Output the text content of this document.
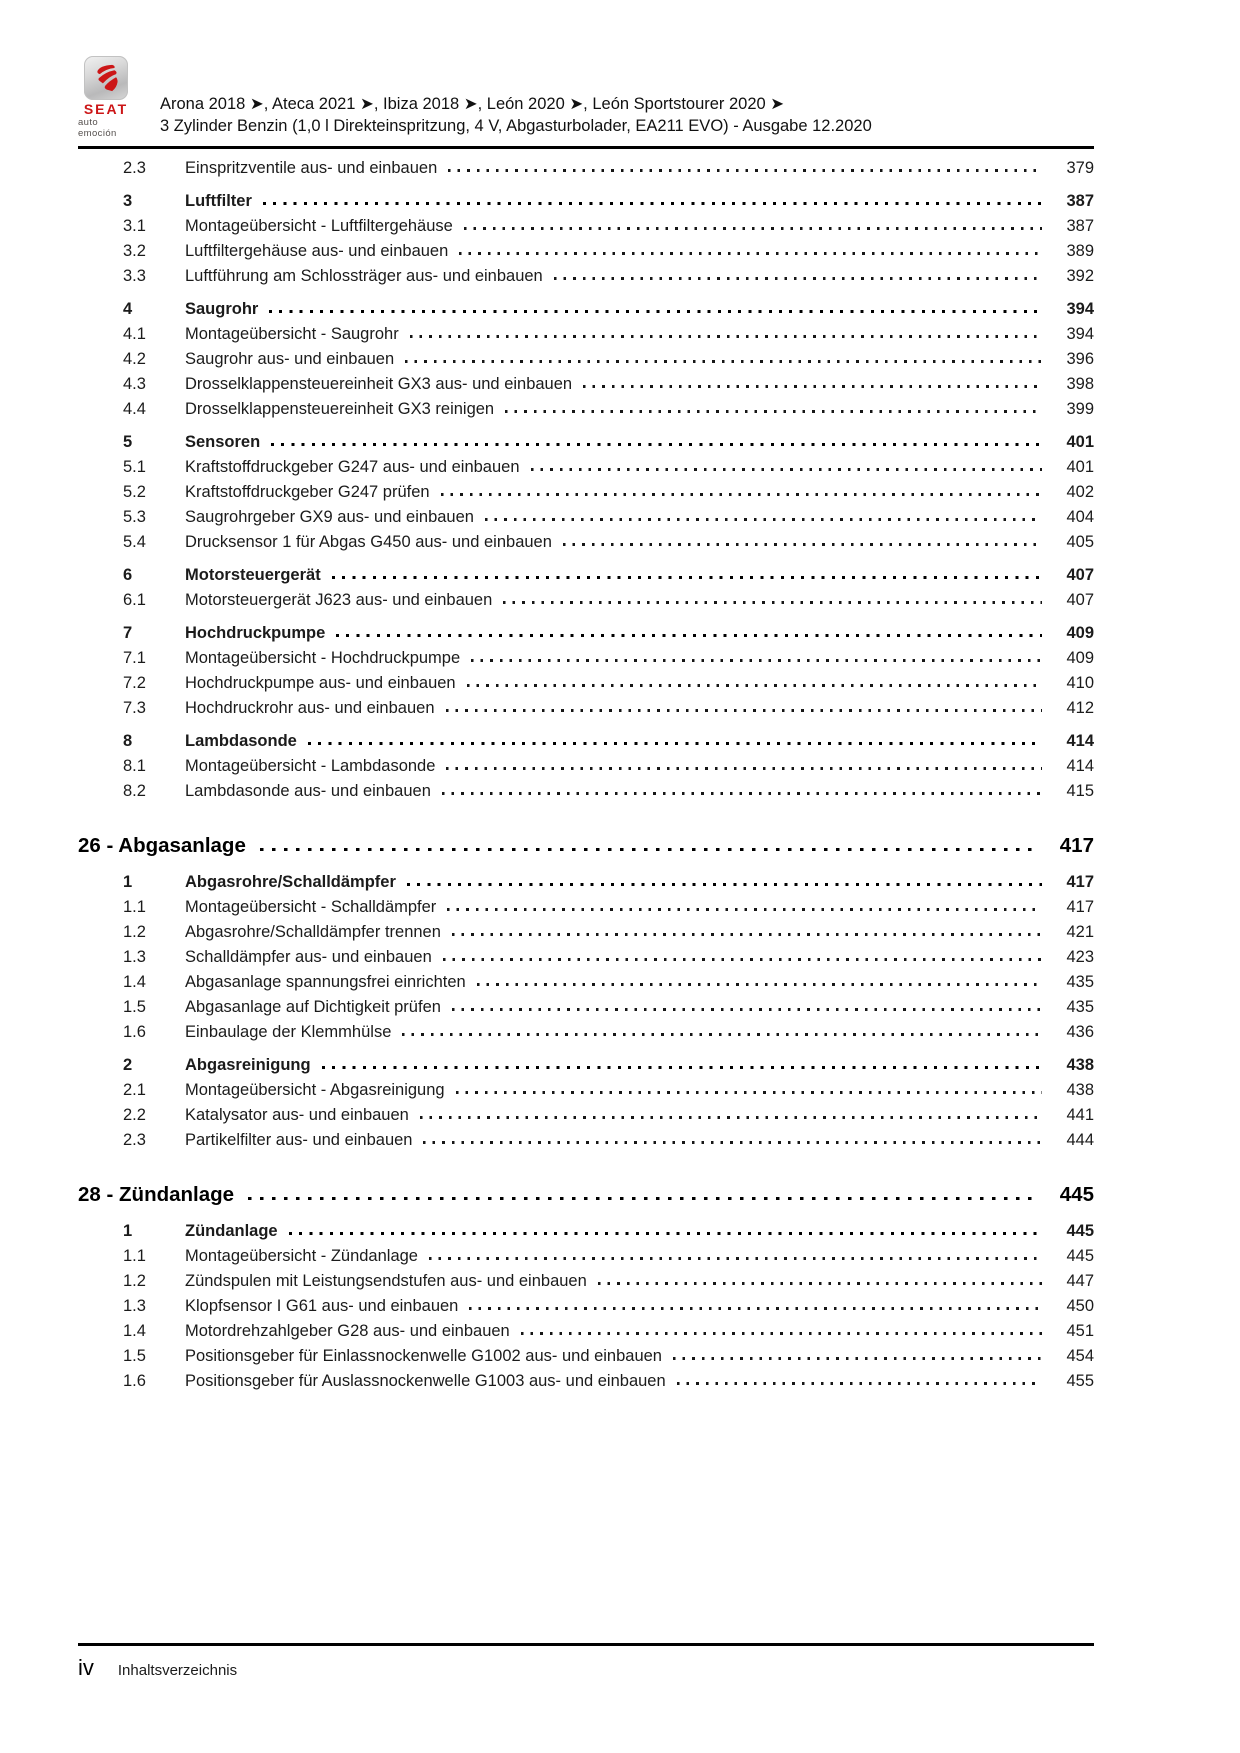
SEAT
auto emoción
Arona 2018 ➤, Ateca 2021 ➤, Ibiza 2018 ➤, León 2020 ➤, León Sportstourer 2020 ➤
3 Zylinder Benzin (1,0 l Direkteinspritzung, 4 V, Abgasturbolader, EA211 EVO) - Ausgabe 12.2020
2.3	Einspritzventile aus- und einbauen	379
3	Luftfilter	387
3.1	Montageübersicht - Luftfiltergehäuse	387
3.2	Luftfiltergehäuse aus- und einbauen	389
3.3	Luftführung am Schlossträger aus- und einbauen	392
4	Saugrohr	394
4.1	Montageübersicht - Saugrohr	394
4.2	Saugrohr aus- und einbauen	396
4.3	Drosselklappensteuereinheit GX3 aus- und einbauen	398
4.4	Drosselklappensteuereinheit GX3 reinigen	399
5	Sensoren	401
5.1	Kraftstoffdruckgeber G247 aus- und einbauen	401
5.2	Kraftstoffdruckgeber G247 prüfen	402
5.3	Saugrohrgeber GX9 aus- und einbauen	404
5.4	Drucksensor 1 für Abgas G450 aus- und einbauen	405
6	Motorsteuergerät	407
6.1	Motorsteuergerät J623 aus- und einbauen	407
7	Hochdruckpumpe	409
7.1	Montageübersicht - Hochdruckpumpe	409
7.2	Hochdruckpumpe aus- und einbauen	410
7.3	Hochdruckrohr aus- und einbauen	412
8	Lambdasonde	414
8.1	Montageübersicht - Lambdasonde	414
8.2	Lambdasonde aus- und einbauen	415
26 - Abgasanlage	417
1	Abgasrohre/Schalldämpfer	417
1.1	Montageübersicht - Schalldämpfer	417
1.2	Abgasrohre/Schalldämpfer trennen	421
1.3	Schalldämpfer aus- und einbauen	423
1.4	Abgasanlage spannungsfrei einrichten	435
1.5	Abgasanlage auf Dichtigkeit prüfen	435
1.6	Einbaulage der Klemmhülse	436
2	Abgasreinigung	438
2.1	Montageübersicht - Abgasreinigung	438
2.2	Katalysator aus- und einbauen	441
2.3	Partikelfilter aus- und einbauen	444
28 - Zündanlage	445
1	Zündanlage	445
1.1	Montageübersicht - Zündanlage	445
1.2	Zündspulen mit Leistungsendstufen aus- und einbauen	447
1.3	Klopfsensor I G61 aus- und einbauen	450
1.4	Motordrehzahlgeber G28 aus- und einbauen	451
1.5	Positionsgeber für Einlassnockenwelle G1002 aus- und einbauen	454
1.6	Positionsgeber für Auslassnockenwelle G1003 aus- und einbauen	455
iv Inhaltsverzeichnis
